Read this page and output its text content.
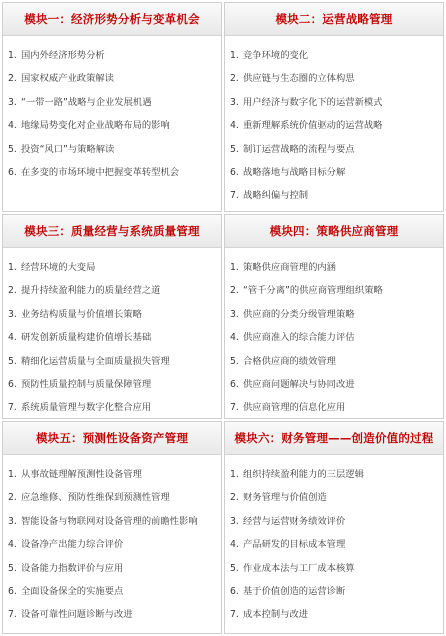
模块一：经济形势分析与变革机会
1. 国内外经济形势分析
2. 国家权威产业政策解读
3. “一带一路”战略与企业发展机遇
4. 地缘局势变化对企业战略布局的影响
5. 投资“风口”与策略解读
6. 在多变的市场环境中把握变革转型机会
模块二：运营战略管理
1. 竞争环境的变化
2. 供应链与生态圈的立体构思
3. 用户经济与数字化下的运营新模式
4. 重新理解系统价值驱动的运营战略
5. 制订运营战略的流程与要点
6. 战略落地与战略目标分解
7. 战略纠偏与控制
模块三：质量经营与系统质量管理
1. 经营环境的大变局
2. 提升持续盈利能力的质量经营之道
3. 业务结构质量与价值增长策略
4. 研发创新质量构建价值增长基础
5. 精细化运营质量与全面质量损失管理
6. 预防性质量控制与质量保障管理
7. 系统质量管理与数字化整合应用
模块四：策略供应商管理
1. 策略供应商管理的内涵
2. “管千分离”的供应商管理组织策略
3. 供应商的分类分级管理策略
4. 供应商准入的综合能力评估
5. 合格供应商的绩效管理
6. 供应商问题解决与协同改进
7. 供应商管理的信息化应用
模块五：预测性设备资产管理
1. 从事故链理解预测性设备管理
2. 应急维修、预防性维保到预测性管理
3. 智能设备与物联网对设备管理的前瞻性影响
4. 设备净产出能力综合评价
5. 设备能力指数评价与应用
6. 全面设备保全的实施要点
7. 设备可靠性问题诊断与改进
模块六：财务管理——创造价值的过程
1. 组织持续盈利能力的三层逻辑
2. 财务管理与价值创造
3. 经营与运营财务绩效评价
4. 产品研发的目标成本管理
5. 作业成本法与工厂成本核算
6. 基于价值创造的运营诊断
7. 成本控制与改进
